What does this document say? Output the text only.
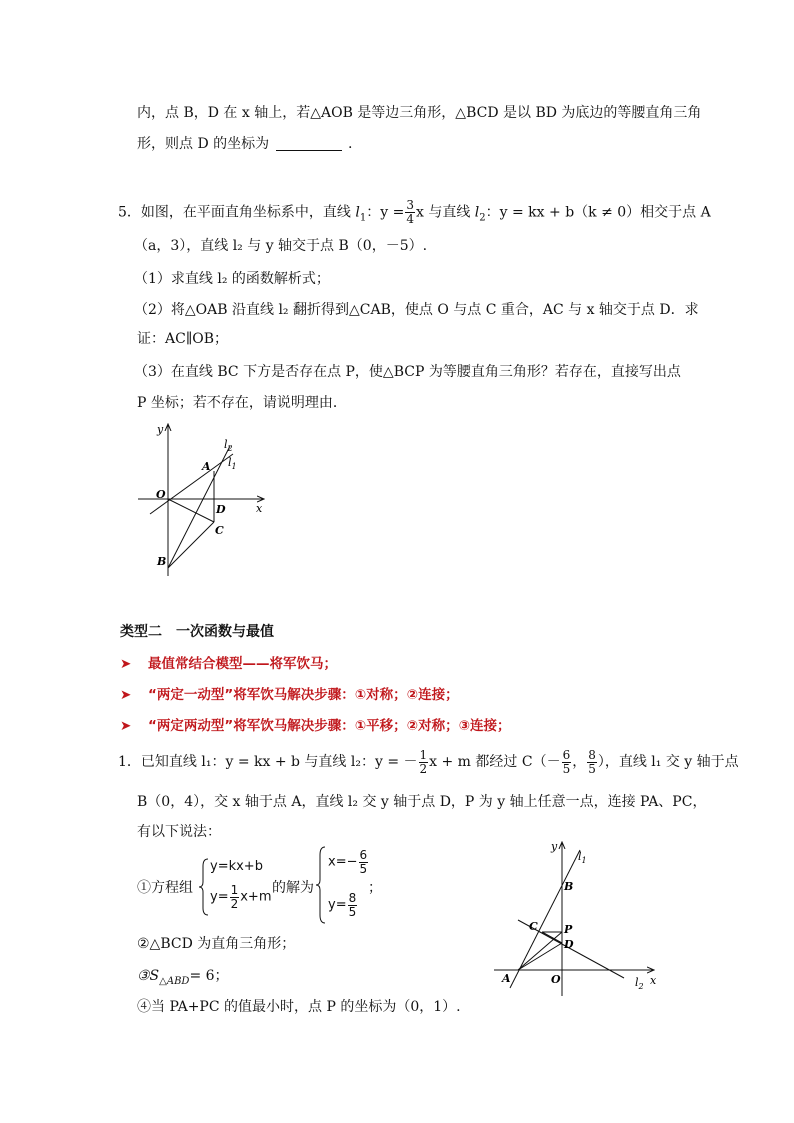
内，点 B，D 在 x 轴上，若△AOB 是等边三角形，△BCD 是以 BD 为底边的等腰直角三角
形，则点 D 的坐标为	.
5．如图，在平面直角坐标系中，直线 $l_1$：$y = \frac{3}{4}$ x 与直线 $l_2$：y = kx + b（k ≠ 0）相交于点 A
（a，3），直线 l₂ 与 y 轴交于点 B（0，－5）.
（1）求直线 l₂ 的函数解析式；
（2）将△OAB 沿直线 l₂ 翻折得到△CAB，使点 O 与点 C 重合，AC 与 x 轴交于点 D．求
证：AC∥OB；
（3）在直线 BC 下方是否存在点 P，使△BCP 为等腰直角三角形？若存在，直接写出点
P 坐标；若不存在，请说明理由．
y
x
O
A
B
C
D
$l_2$
$l_1$
类型二　一次函数与最值
➤ 最值常结合模型——将军饮马；
➤ “两定一动型”将军饮马解决步骤：①对称；②连接；
➤ “两定两动型”将军饮马解决步骤：①平移；②对称；③连接；
1．已知直线 l₁：y = kx + b 与直线 l₂：y = － $\frac{1}{2}$ x + m 都经过 $C(- \frac{6}{5}$ ， $\frac{8}{5}$ ），直线 l₁ 交 y 轴于点
B（0，4），交 x 轴于点 A，直线 l₂ 交 y 轴于点 D，P 为 y 轴上任意一点，连接 PA、PC，
有以下说法：
①方程组
y=kx+b
$y= \frac{1}{2} x+m$
的解为
$x=- \frac{6}{5}$
$y= \frac{8}{5}$
；
②△BCD 为直角三角形；
$③S_{\triangle ABD}= 6$；
④当 PA+PC 的值最小时，点 P 的坐标为（0，1）.
y
x
O
A
B
C P
D
$l_1$
$l_2$
